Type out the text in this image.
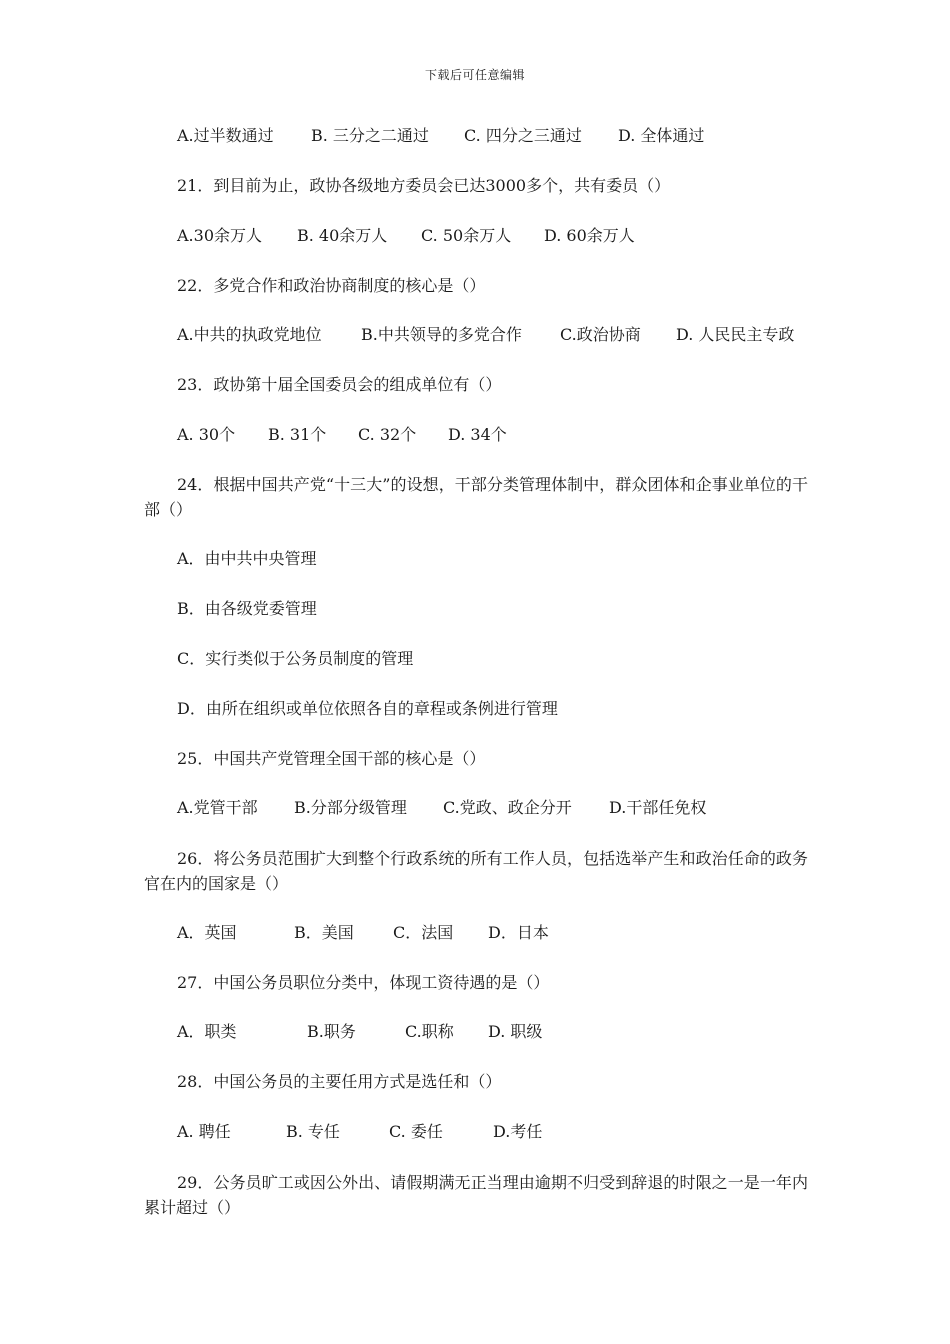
下载后可任意编辑
A.过半数通过 B. 三分之二通过 C. 四分之三通过 D. 全体通过
21．到目前为止，政协各级地方委员会已达3000多个，共有委员（）
A.30余万人 B. 40余万人 C. 50余万人 D. 60余万人
22．多党合作和政治协商制度的核心是（）
A.中共的执政党地位 B.中共领导的多党合作 C.政治协商 D. 人民民主专政
23．政协第十届全国委员会的组成单位有（）
A. 30个 B. 31个 C. 32个 D. 34个
24．根据中国共产党“十三大”的设想，干部分类管理体制中，群众团体和企事业单位的干部（）
A．由中共中央管理
B．由各级党委管理
C．实行类似于公务员制度的管理
D．由所在组织或单位依照各自的章程或条例进行管理
25．中国共产党管理全国干部的核心是（）
A.党管干部 B.分部分级管理 C.党政、政企分开 D.干部任免权
26．将公务员范围扩大到整个行政系统的所有工作人员，包括选举产生和政治任命的政务官在内的国家是（）
A．英国	B．美国 C．法国 D．日本
27．中国公务员职位分类中，体现工资待遇的是（）
A．职类	B.职务	C.职称 D. 职级
28．中国公务员的主要任用方式是选任和（）
A. 聘任	B. 专任	C. 委任	D.考任
29．公务员旷工或因公外出、请假期满无正当理由逾期不归受到辞退的时限之一是一年内累计超过（）
